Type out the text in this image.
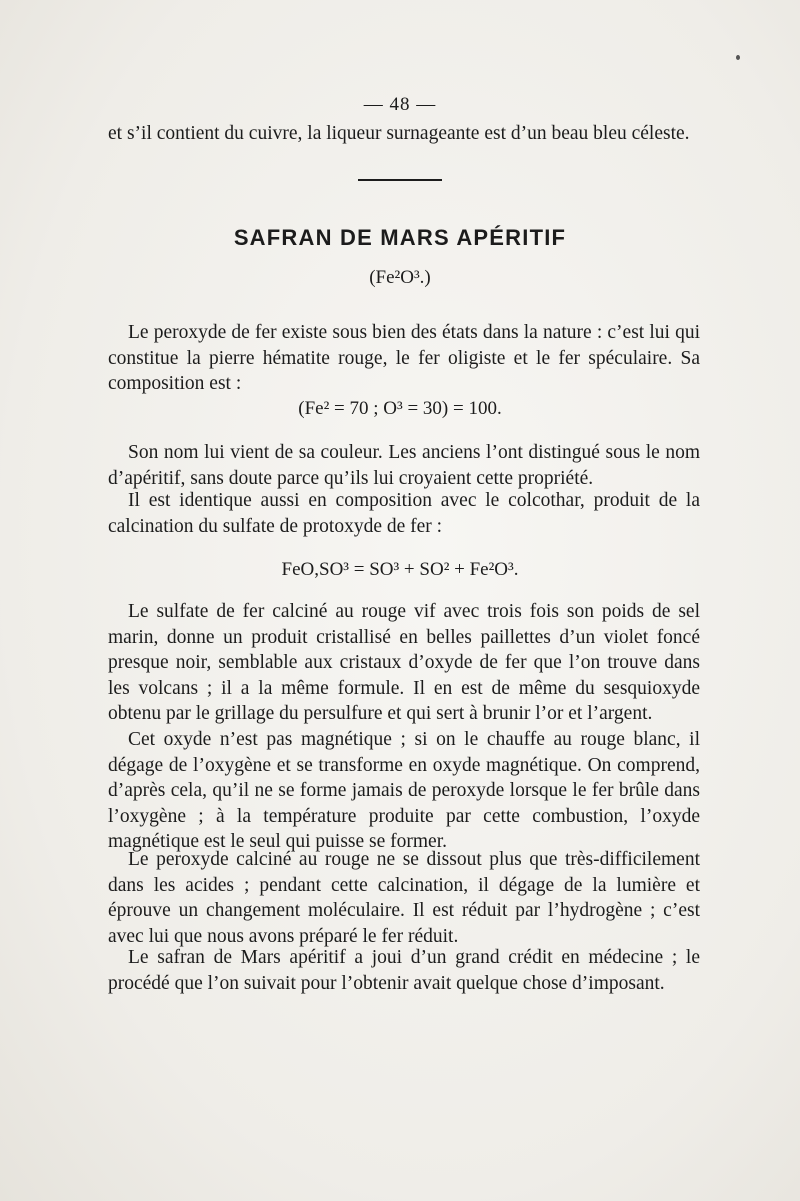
— 48 —

et s’il contient du cuivre, la liqueur surnageante est d’un beau bleu céleste.

SAFRAN DE MARS APÉRITIF
(Fe²O³.)

Le peroxyde de fer existe sous bien des états dans la nature : c’est lui qui constitue la pierre hématite rouge, le fer oligiste et le fer spéculaire. Sa composition est :

(Fe² = 70 ; O³ = 30) = 100.

Son nom lui vient de sa couleur. Les anciens l’ont distingué sous le nom d’apéritif, sans doute parce qu’ils lui croyaient cette propriété.

Il est identique aussi en composition avec le colcothar, produit de la calcination du sulfate de protoxyde de fer :

FeO,SO³ = SO³ + SO² + Fe²O³.

Le sulfate de fer calciné au rouge vif avec trois fois son poids de sel marin, donne un produit cristallisé en belles paillettes d’un violet foncé presque noir, semblable aux cristaux d’oxyde de fer que l’on trouve dans les volcans ; il a la même formule. Il en est de même du sesquioxyde obtenu par le grillage du persulfure et qui sert à brunir l’or et l’argent.

Cet oxyde n’est pas magnétique ; si on le chauffe au rouge blanc, il dégage de l’oxygène et se transforme en oxyde magnétique. On comprend, d’après cela, qu’il ne se forme jamais de peroxyde lorsque le fer brûle dans l’oxygène ; à la température produite par cette combustion, l’oxyde magnétique est le seul qui puisse se former.

Le peroxyde calciné au rouge ne se dissout plus que très-difficilement dans les acides ; pendant cette calcination, il dégage de la lumière et éprouve un changement moléculaire. Il est réduit par l’hydrogène ; c’est avec lui que nous avons préparé le fer réduit.

Le safran de Mars apéritif a joui d’un grand crédit en médecine ; le procédé que l’on suivait pour l’obtenir avait quelque chose d’imposant.
